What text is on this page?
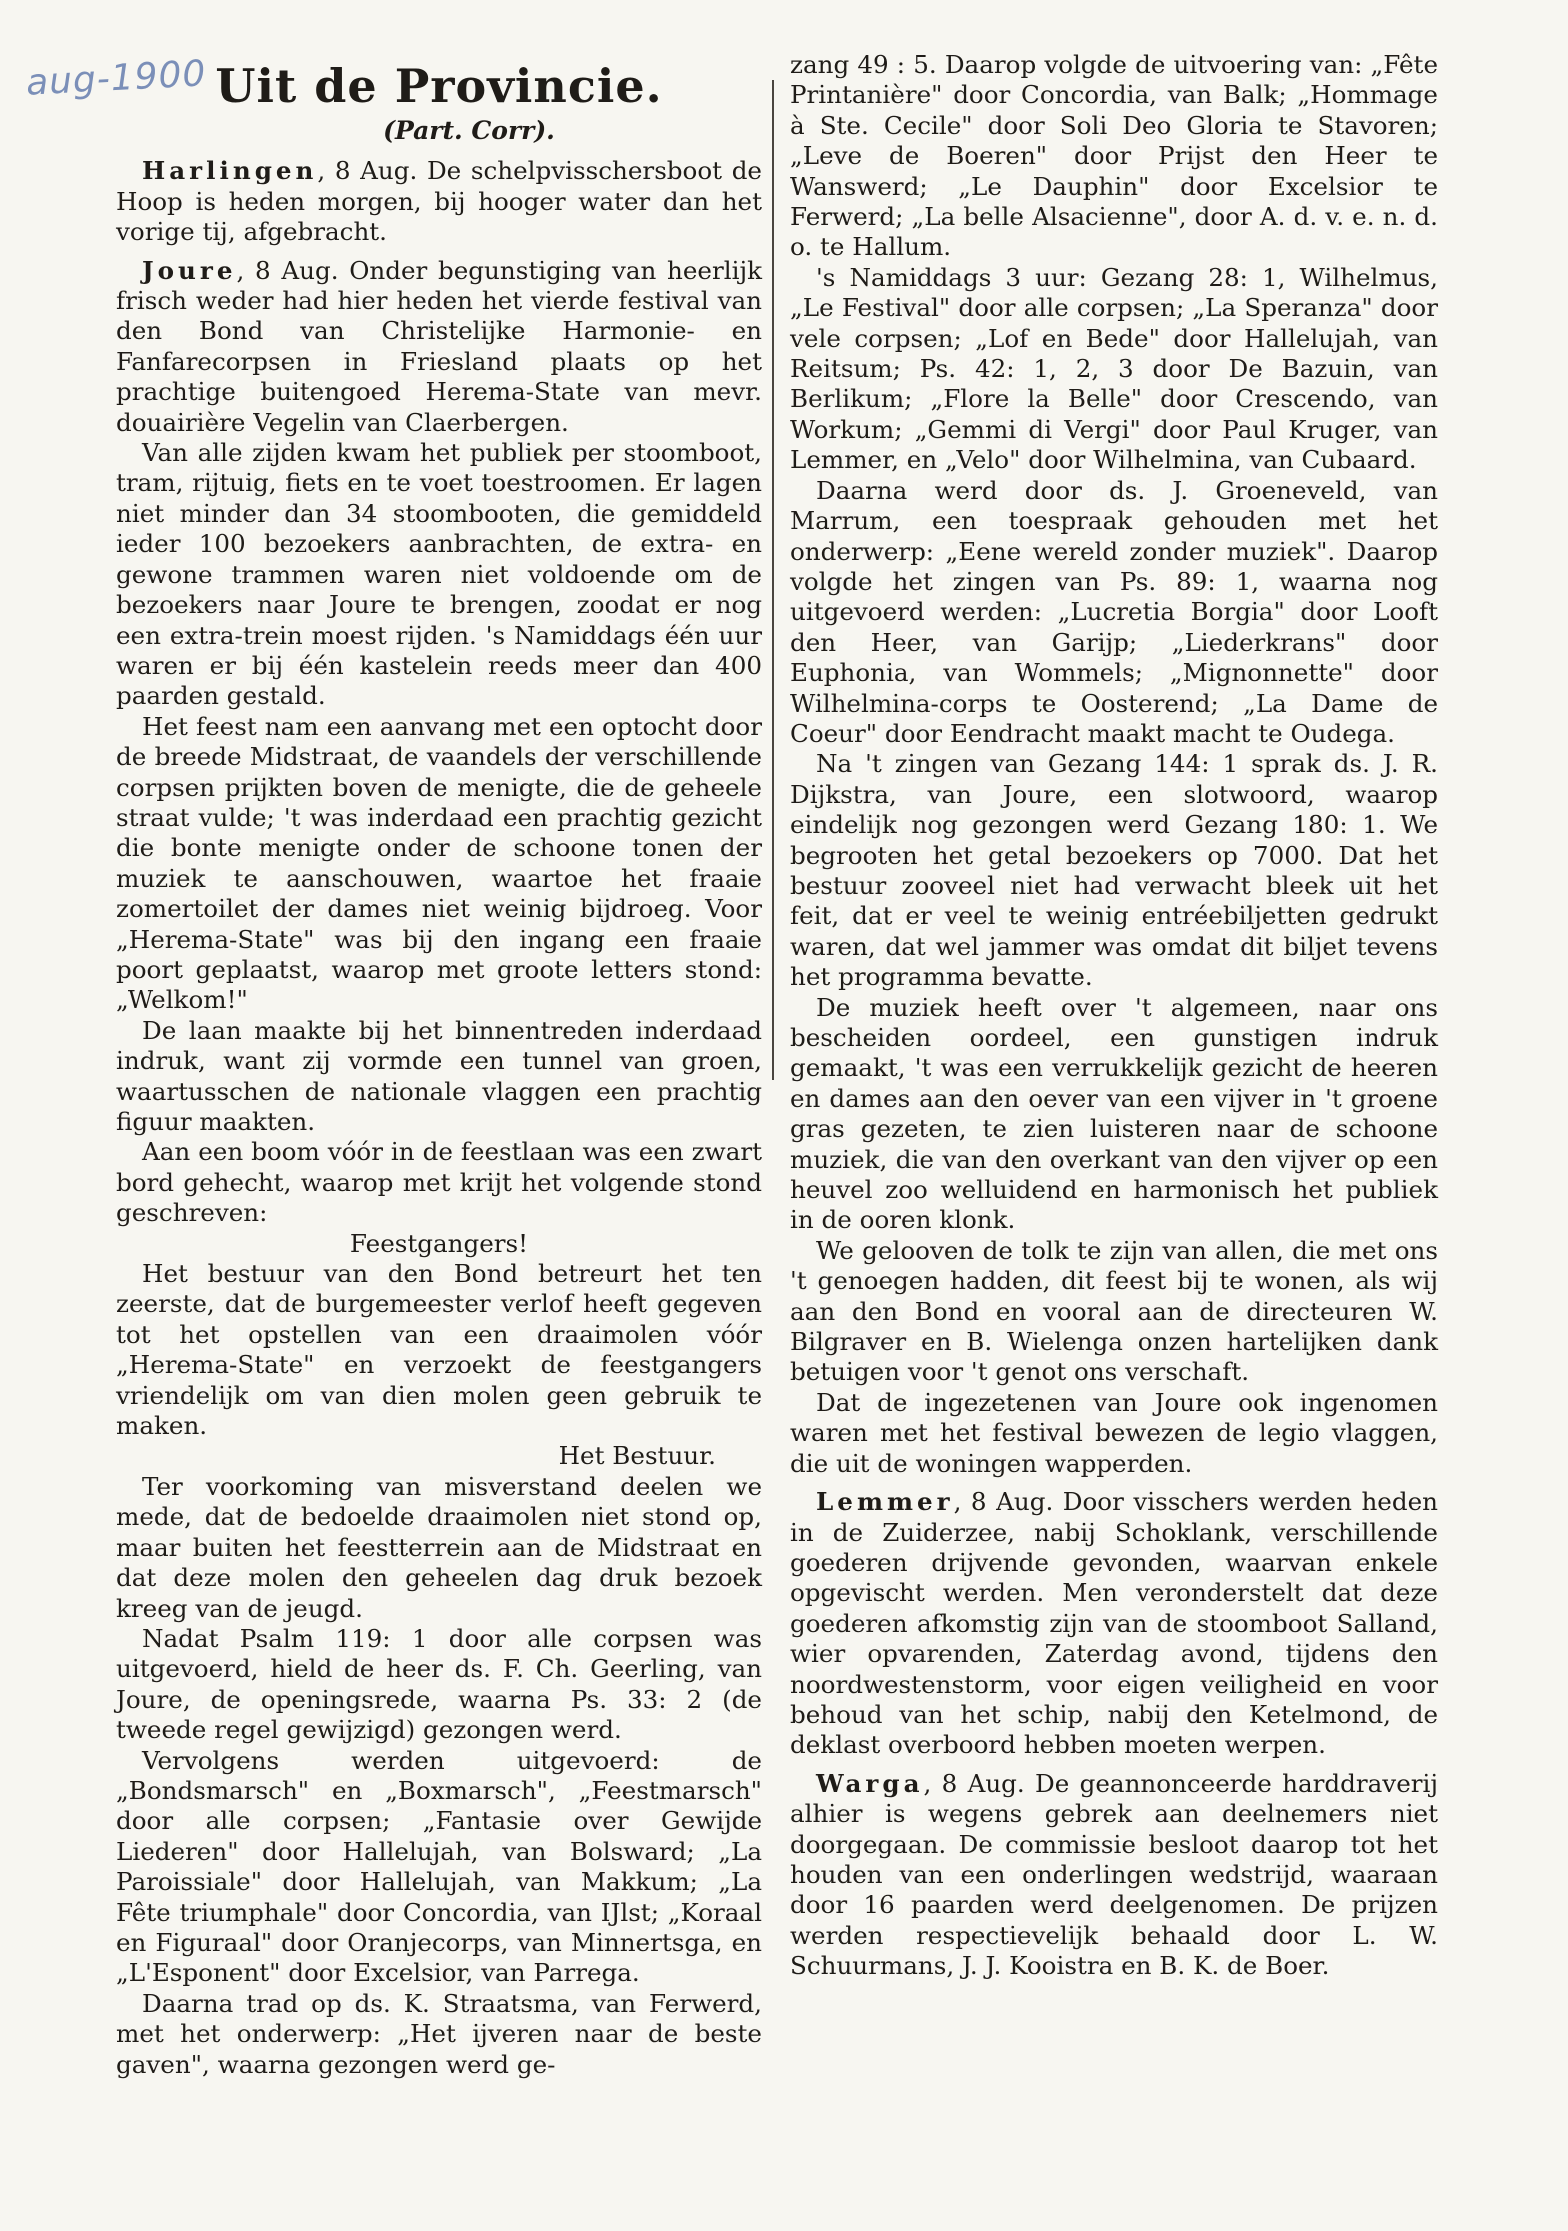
aug-1900 Uit de Provincie.
(Part. Corr).

Harlingen, 8 Aug. De schelpvisschersboot de Hoop is heden morgen, bij hooger water dan het vorige tij, afgebracht.

Joure, 8 Aug. Onder begunstiging van heerlijk frisch weder had hier heden het vierde festival van den Bond van Christelijke Harmonie- en Fanfarecorpsen in Friesland plaats op het prachtige buitengoed Herema-State van mevr. douairière Vegelin van Claerbergen.

Van alle zijden kwam het publiek per stoomboot, tram, rijtuig, fiets en te voet toestroomen. Er lagen niet minder dan 34 stoombooten, die gemiddeld ieder 100 bezoekers aanbrachten, de extra- en gewone trammen waren niet voldoende om de bezoekers naar Joure te brengen, zoodat er nog een extra-trein moest rijden. 's Namiddags één uur waren er bij één kastelein reeds meer dan 400 paarden gestald.

Het feest nam een aanvang met een optocht door de breede Midstraat, de vaandels der verschillende corpsen prijkten boven de menigte, die de geheele straat vulde; 't was inderdaad een prachtig gezicht die bonte menigte onder de schoone tonen der muziek te aanschouwen, waartoe het fraaie zomertoilet der dames niet weinig bijdroeg. Voor „Herema-State" was bij den ingang een fraaie poort geplaatst, waarop met groote letters stond: „Welkom!"

De laan maakte bij het binnentreden inderdaad indruk, want zij vormde een tunnel van groen, waartusschen de nationale vlaggen een prachtig figuur maakten.

Aan een boom vóór in de feestlaan was een zwart bord gehecht, waarop met krijt het volgende stond geschreven:

Feestgangers!

Het bestuur van den Bond betreurt het ten zeerste, dat de burgemeester verlof heeft gegeven tot het opstellen van een draaimolen vóór „Herema-State" en verzoekt de feestgangers vriendelijk om van dien molen geen gebruik te maken.

Het Bestuur.

Ter voorkoming van misverstand deelen we mede, dat de bedoelde draaimolen niet stond op, maar buiten het feestterrein aan de Midstraat en dat deze molen den geheelen dag druk bezoek kreeg van de jeugd.

Nadat Psalm 119: 1 door alle corpsen was uitgevoerd, hield de heer ds. F. Ch. Geerling, van Joure, de openingsrede, waarna Ps. 33: 2 (de tweede regel gewijzigd) gezongen werd.

Vervolgens werden uitgevoerd: de „Bondsmarsch" en „Boxmarsch", „Feestmarsch" door alle corpsen; „Fantasie over Gewijde Liederen" door Hallelujah, van Bolsward; „La Paroissiale" door Hallelujah, van Makkum; „La Fête triumphale" door Concordia, van IJlst; „Koraal en Figuraal" door Oranjecorps, van Minnertsga, en „L'Esponent" door Excelsior, van Parrega.

Daarna trad op ds. K. Straatsma, van Ferwerd, met het onderwerp: „Het ijveren naar de beste gaven", waarna gezongen werd ge-

zang 49 : 5. Daarop volgde de uitvoering van: „Fête Printanière" door Concordia, van Balk; „Hommage à Ste. Cecile" door Soli Deo Gloria te Stavoren; „Leve de Boeren" door Prijst den Heer te Wanswerd; „Le Dauphin" door Excelsior te Ferwerd; „La belle Alsacienne", door A. d. v. e. n. d. o. te Hallum.

's Namiddags 3 uur: Gezang 28: 1, Wilhelmus, „Le Festival" door alle corpsen; „La Speranza" door vele corpsen; „Lof en Bede" door Hallelujah, van Reitsum; Ps. 42: 1, 2, 3 door De Bazuin, van Berlikum; „Flore la Belle" door Crescendo, van Workum; „Gemmi di Vergi" door Paul Kruger, van Lemmer, en „Velo" door Wilhelmina, van Cubaard.

Daarna werd door ds. J. Groeneveld, van Marrum, een toespraak gehouden met het onderwerp: „Eene wereld zonder muziek". Daarop volgde het zingen van Ps. 89: 1, waarna nog uitgevoerd werden: „Lucretia Borgia" door Looft den Heer, van Garijp; „Liederkrans" door Euphonia, van Wommels; „Mignonnette" door Wilhelmina-corps te Oosterend; „La Dame de Coeur" door Eendracht maakt macht te Oudega.

Na 't zingen van Gezang 144: 1 sprak ds. J. R. Dijkstra, van Joure, een slotwoord, waarop eindelijk nog gezongen werd Gezang 180: 1. We begrooten het getal bezoekers op 7000. Dat het bestuur zooveel niet had verwacht bleek uit het feit, dat er veel te weinig entréebiljetten gedrukt waren, dat wel jammer was omdat dit biljet tevens het programma bevatte.

De muziek heeft over 't algemeen, naar ons bescheiden oordeel, een gunstigen indruk gemaakt, 't was een verrukkelijk gezicht de heeren en dames aan den oever van een vijver in 't groene gras gezeten, te zien luisteren naar de schoone muziek, die van den overkant van den vijver op een heuvel zoo welluidend en harmonisch het publiek in de ooren klonk.

We gelooven de tolk te zijn van allen, die met ons 't genoegen hadden, dit feest bij te wonen, als wij aan den Bond en vooral aan de directeuren W. Bilgraver en B. Wielenga onzen hartelijken dank betuigen voor 't genot ons verschaft.

Dat de ingezetenen van Joure ook ingenomen waren met het festival bewezen de legio vlaggen, die uit de woningen wapperden.

Lemmer, 8 Aug. Door visschers werden heden in de Zuiderzee, nabij Schoklank, verschillende goederen drijvende gevonden, waarvan enkele opgevischt werden. Men veronderstelt dat deze goederen afkomstig zijn van de stoomboot Salland, wier opvarenden, Zaterdag avond, tijdens den noordwestenstorm, voor eigen veiligheid en voor behoud van het schip, nabij den Ketelmond, de deklast overboord hebben moeten werpen.

Warga, 8 Aug. De geannonceerde harddraverij alhier is wegens gebrek aan deelnemers niet doorgegaan. De commissie besloot daarop tot het houden van een onderlingen wedstrijd, waaraan door 16 paarden werd deelgenomen. De prijzen werden respectievelijk behaald door L. W. Schuurmans, J. J. Kooistra en B. K. de Boer.
